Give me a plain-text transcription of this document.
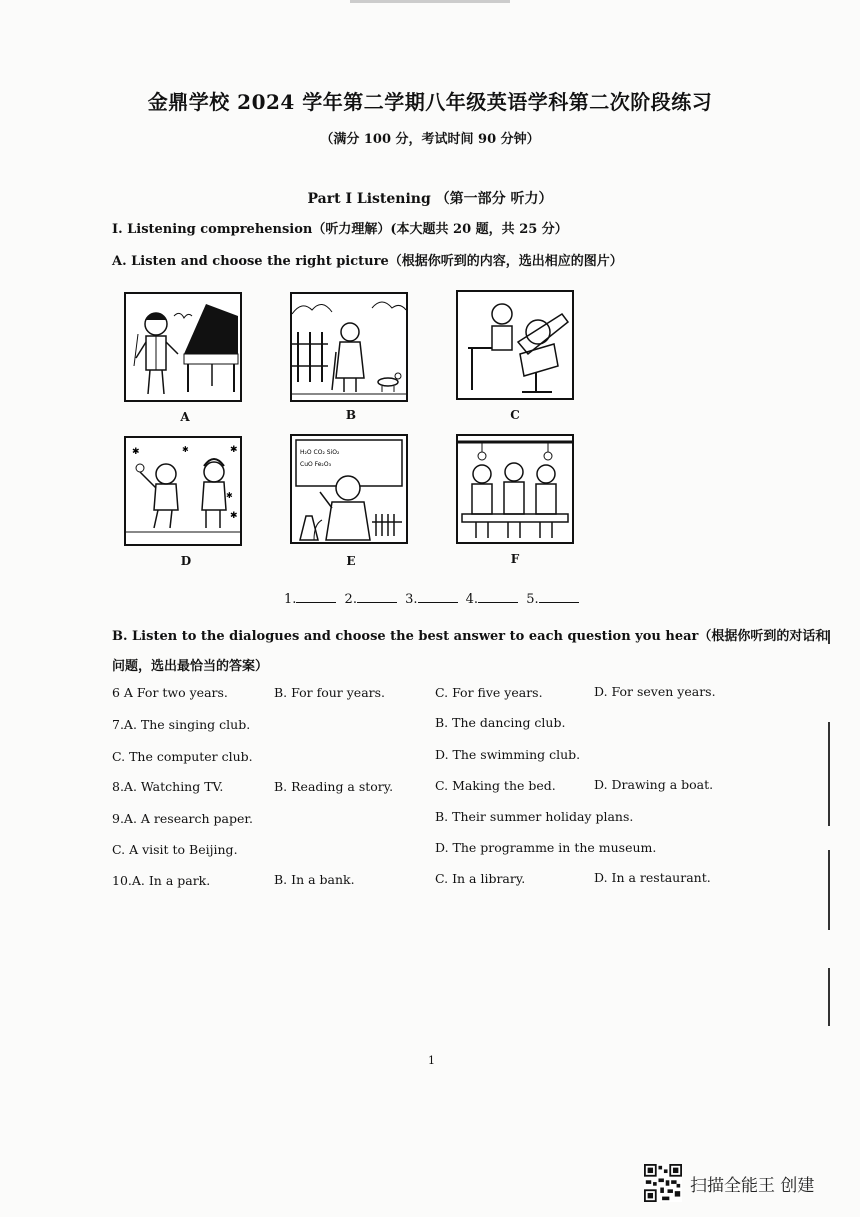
金鼎学校 2024 学年第二学期八年级英语学科第二次阶段练习
（满分 100 分，考试时间 90 分钟）
Part I Listening （第一部分 听力）
I. Listening comprehension（听力理解）(本大题共 20 题，共 25 分）
A. Listen and choose the right picture（根据你听到的内容，选出相应的图片）
A	B	C
✱	✱	✱
✱
✱
D
H₂O CO₂ SiO₂
CuO Fe₂O₃
E	F
1.	2.	3.	4.	5.
B. Listen to the dialogues and choose the best answer to each question you hear（根据你听到的对话和问题，选出最恰当的答案）
6 A For two years.	B. For four years.	C. For five years.	D. For seven years.
7.A. The singing club.	B. The dancing club.
C. The computer club.	D. The swimming club.
8.A. Watching TV.	B. Reading a story.	C. Making the bed.	D. Drawing a boat.
9.A. A research paper.	B. Their summer holiday plans.
C. A visit to Beijing.	D. The programme in the museum.
10.A. In a park.	B. In a bank.	C. In a library.	D. In a restaurant.
1
扫描全能王 创建
